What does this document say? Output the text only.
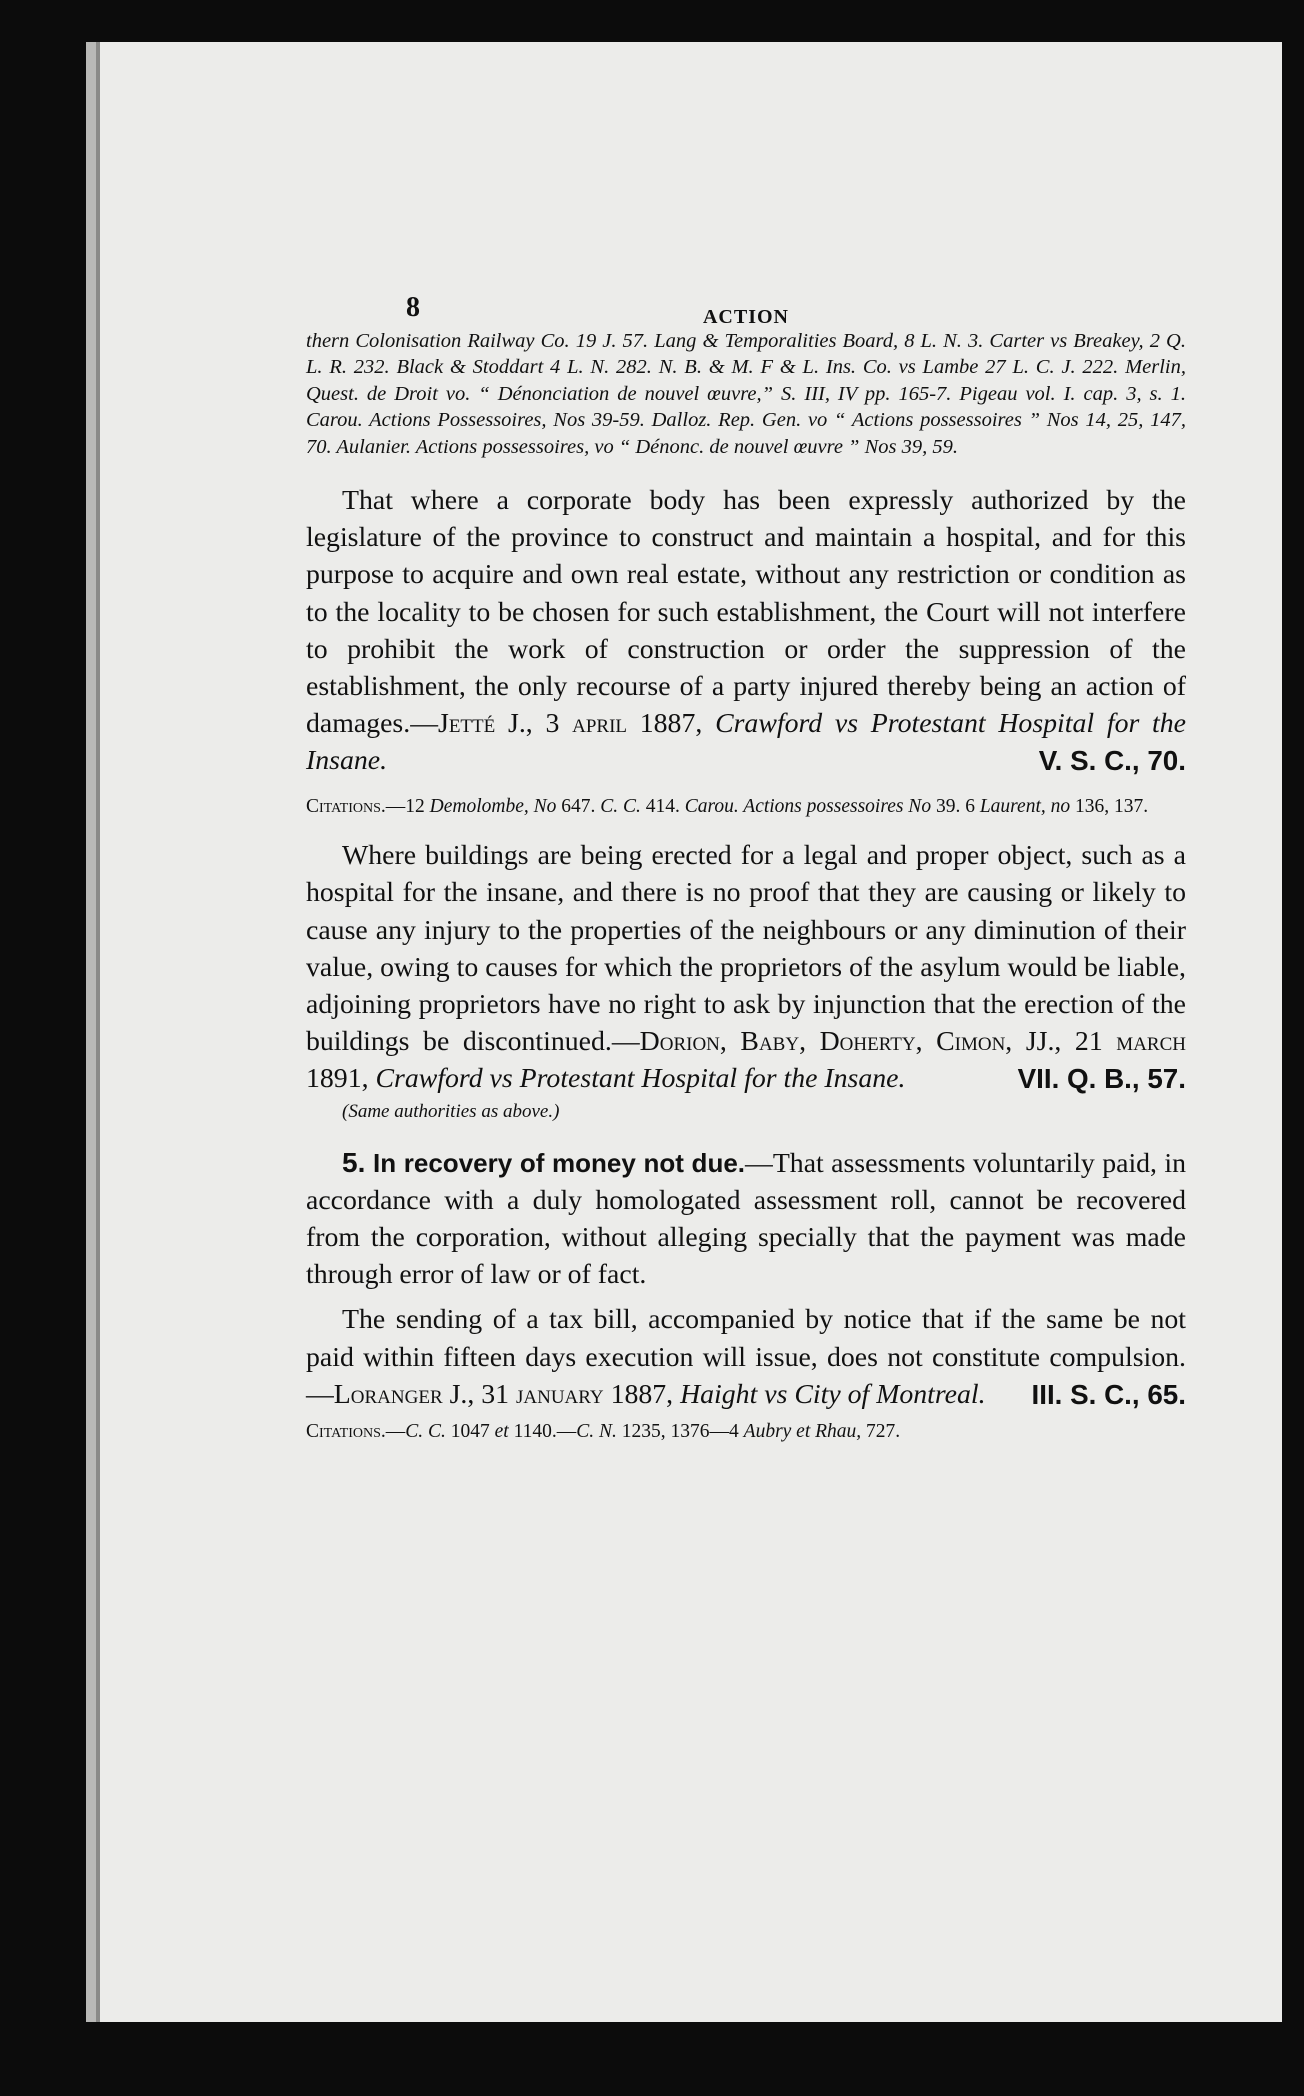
8	ACTION
thern Colonisation Railway Co. 19 J. 57. Lang & Temporalities Board, 8 L. N. 3. Carter vs Breakey, 2 Q. L. R. 232. Black & Stoddart 4 L. N. 282. N. B. & M. F & L. Ins. Co. vs Lambe 27 L. C. J. 222. Merlin, Quest. de Droit vo. “ Dénonciation de nouvel œuvre,” S. III, IV pp. 165-7. Pigeau vol. I. cap. 3, s. 1. Carou. Actions Possessoires, Nos 39-59. Dalloz. Rep. Gen. vo “ Actions possessoires ” Nos 14, 25, 147, 70. Aulanier. Actions possessoires, vo “ Dénonc. de nouvel œuvre ” Nos 39, 59.

That where a corporate body has been expressly authorized by the legislature of the province to construct and maintain a hospital, and for this purpose to acquire and own real estate, without any restriction or condition as to the locality to be chosen for such establishment, the Court will not interfere to prohibit the work of construction or order the suppression of the establishment, the only recourse of a party injured thereby being an action of damages.—Jetté J., 3 april 1887, Crawford vs Protestant Hospital for the Insane.	V. S. C., 70.

Citations.—12 Demolombe, No 647. C. C. 414. Carou. Actions possessoires No 39. 6 Laurent, no 136, 137.

Where buildings are being erected for a legal and proper object, such as a hospital for the insane, and there is no proof that they are causing or likely to cause any injury to the properties of the neighbours or any diminution of their value, owing to causes for which the proprietors of the asylum would be liable, adjoining proprietors have no right to ask by injunction that the erection of the buildings be discontinued.—Dorion, Baby, Doherty, Cimon, JJ., 21 march 1891, Crawford vs Protestant Hospital for the Insane.	VII. Q. B., 57.

(Same authorities as above.)

5. In recovery of money not due.—That assessments voluntarily paid, in accordance with a duly homologated assessment roll, cannot be recovered from the corporation, without alleging specially that the payment was made through error of law or of fact.

The sending of a tax bill, accompanied by notice that if the same be not paid within fifteen days execution will issue, does not constitute compulsion.—Loranger J., 31 january 1887, Haight vs City of Montreal.	III. S. C., 65.

Citations.—C. C. 1047 et 1140.—C. N. 1235, 1376—4 Aubry et Rhau, 727.
